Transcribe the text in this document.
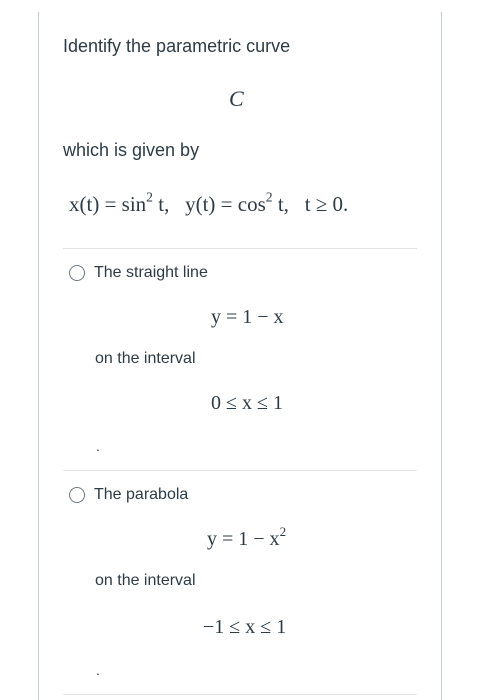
Identify the parametric curve
C
which is given by
$x(t) = \sin^2 t$, $y(t) = \cos^2 t$, t ≥ 0.
The straight line
y = 1 − x
on the interval
0 ≤ x ≤ 1
.
The parabola
$y = 1 - x^2$
on the interval
−1 ≤ x ≤ 1
.
